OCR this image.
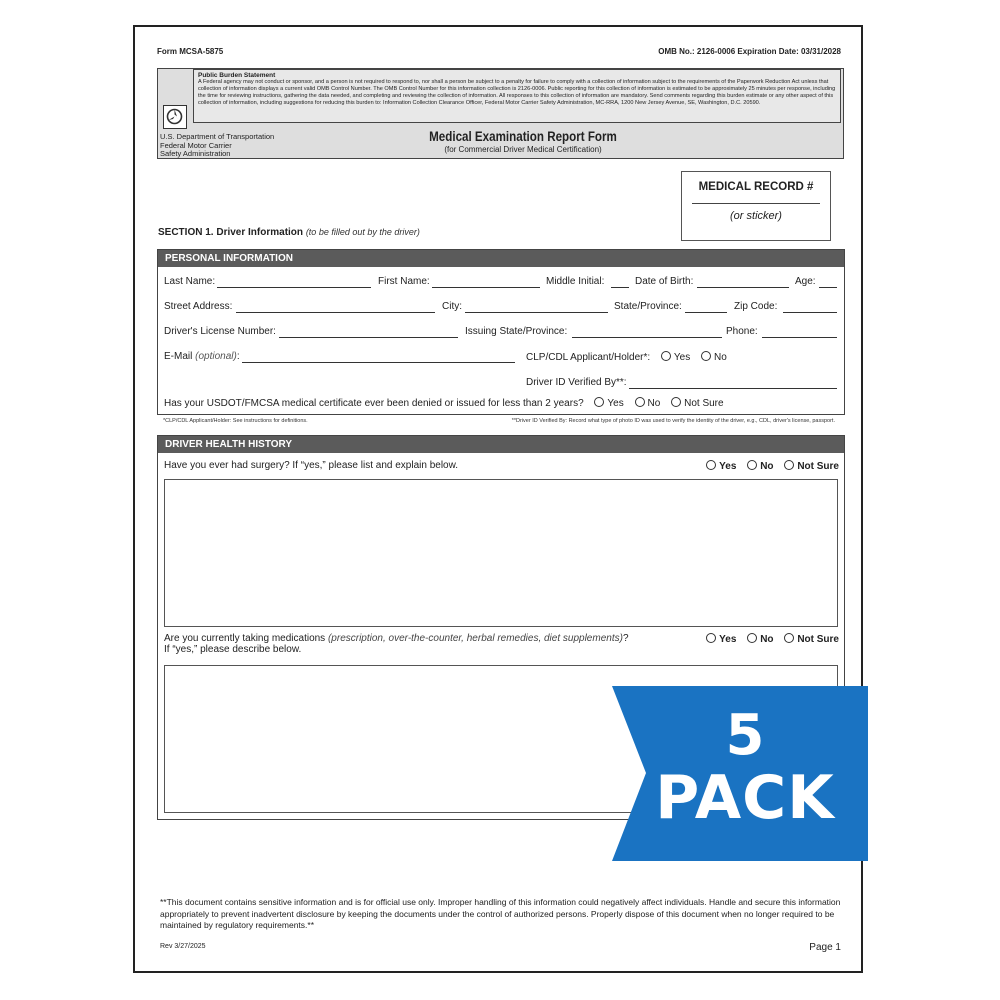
Form MCSA-5875	OMB No.: 2126-0006 Expiration Date: 03/31/2028
Public Burden Statement
A Federal agency may not conduct or sponsor, and a person is not required to respond to, nor shall a person be subject to a penalty for failure to comply with a collection of information subject to the requirements of the Paperwork Reduction Act unless that collection of information displays a current valid OMB Control Number. The OMB Control Number for this information collection is 2126-0006. Public reporting for this collection of information is estimated to be approximately 25 minutes per response, including the time for reviewing instructions, gathering the data needed, and completing and reviewing the collection of information. All responses to this collection of information are mandatory. Send comments regarding this burden estimate or any other aspect of this collection of information, including suggestions for reducing this burden to: Information Collection Clearance Officer, Federal Motor Carrier Safety Administration, MC-RRA, 1200 New Jersey Avenue, SE, Washington, D.C. 20590.
U.S. Department of Transportation
Federal Motor Carrier
Safety Administration
Medical Examination Report Form
(for Commercial Driver Medical Certification)
MEDICAL RECORD #
(or sticker)
SECTION 1. Driver Information (to be filled out by the driver)
PERSONAL INFORMATION
Last Name:	First Name:	Middle Initial:	Date of Birth:	Age:
Street Address:	City:	State/Province:	Zip Code:
Driver's License Number:	Issuing State/Province:	Phone:
E-Mail (optional):	CLP/CDL Applicant/Holder*: Yes No
Driver ID Verified By**:
Has your USDOT/FMCSA medical certificate ever been denied or issued for less than 2 years? Yes No Not Sure
*CLP/CDL Applicant/Holder: See instructions for definitions.	**Driver ID Verified By: Record what type of photo ID was used to verify the identity of the driver, e.g., CDL, driver's license, passport.
DRIVER HEALTH HISTORY
Have you ever had surgery? If “yes,” please list and explain below.	Yes No Not Sure
Are you currently taking medications (prescription, over-the-counter, herbal remedies, diet supplements)?
If “yes,” please describe below.
Yes No Not Sure
**This document contains sensitive information and is for official use only. Improper handling of this information could negatively affect individuals. Handle and secure this information appropriately to prevent inadvertent disclosure by keeping the documents under the control of authorized persons. Properly dispose of this document when no longer required to be maintained by regulatory requirements.**
Rev 3/27/2025	Page 1
5
PACK
